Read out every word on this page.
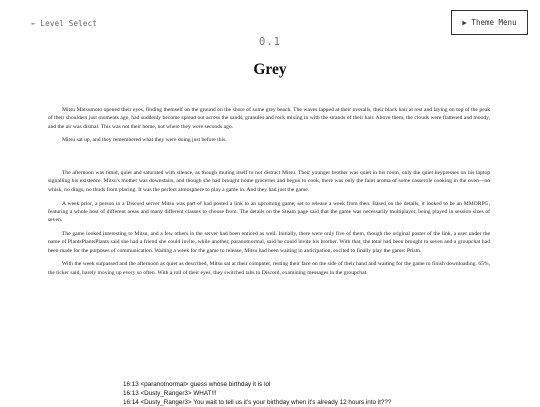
← Level Select	▶ Theme Menu
0.1
Grey

Mitsu Matsumoto opened their eyes, finding themself on the ground on the shore of some grey beach. The waves lapped at their overalls, their black hair at rest and laying on top of the peak of their shoulders just moments ago, had suddenly become spread out across the sands, granules and rock mixing in with the strands of their hair. Above them, the clouds were flattened and moody, and the air was dismal. This was not their home, not where they were seconds ago.

Mitsu sat up, and they remembered what they were doing just before this.

The afternoon was timid, quiet and saturated with silence, as though muting itself to not distract Mitsu. Their younger brother was quiet in his room, only the quiet keypresses on his laptop signalling his existence. Mitsu's mother was downstairs, and though she had brought home groceries and begun to cook, there was only the faint aroma of some casserole cooking in the oven—no whisk, no dings, no thuds from placing. It was the perfect atmosphere to play a game in. And they had just the game.

A week prior, a person in a Discord server Mitsu was part of had posted a link to an upcoming game, set to release a week from then. Based on the details, it looked to be an MMORPG, featuring a whole host of different areas and many different classes to choose from. The details on the Steam page said that the game was necessarily multiplayer, being played in session sizes of seven.

The game looked interesting to Mitsu, and a few others in the server had been enticed as well. Initially, there were only five of them, though the original poster of the link, a user under the name of PlantsPlantsPlants said she had a friend she could invite, while another, paranotnormal, said he could invite his brother. With that, the total had been brought to seven and a groupchat had been made for the purposes of communication. Waiting a week for the game to release, Mitsu had been waiting in anticipation, excited to finally play the game: Prism.

With the week surpassed and the afternoon as quiet as described, Mitsu sat at their computer, resting their face on the side of their hand and waiting for the game to finish downloading. 65%, the ticker said, barely moving up every so often. With a roll of their eyes, they switched tabs to Discord, examining messages in the groupchat.

16:13 <paranotnormal> guess whose birthday it is lol
16:13 <Dusty_Ranger3> WHAT!!!
16:14 <Dusty_Ranger3> You wait to tell us it's your birthday when it's already 12 hours into it???
